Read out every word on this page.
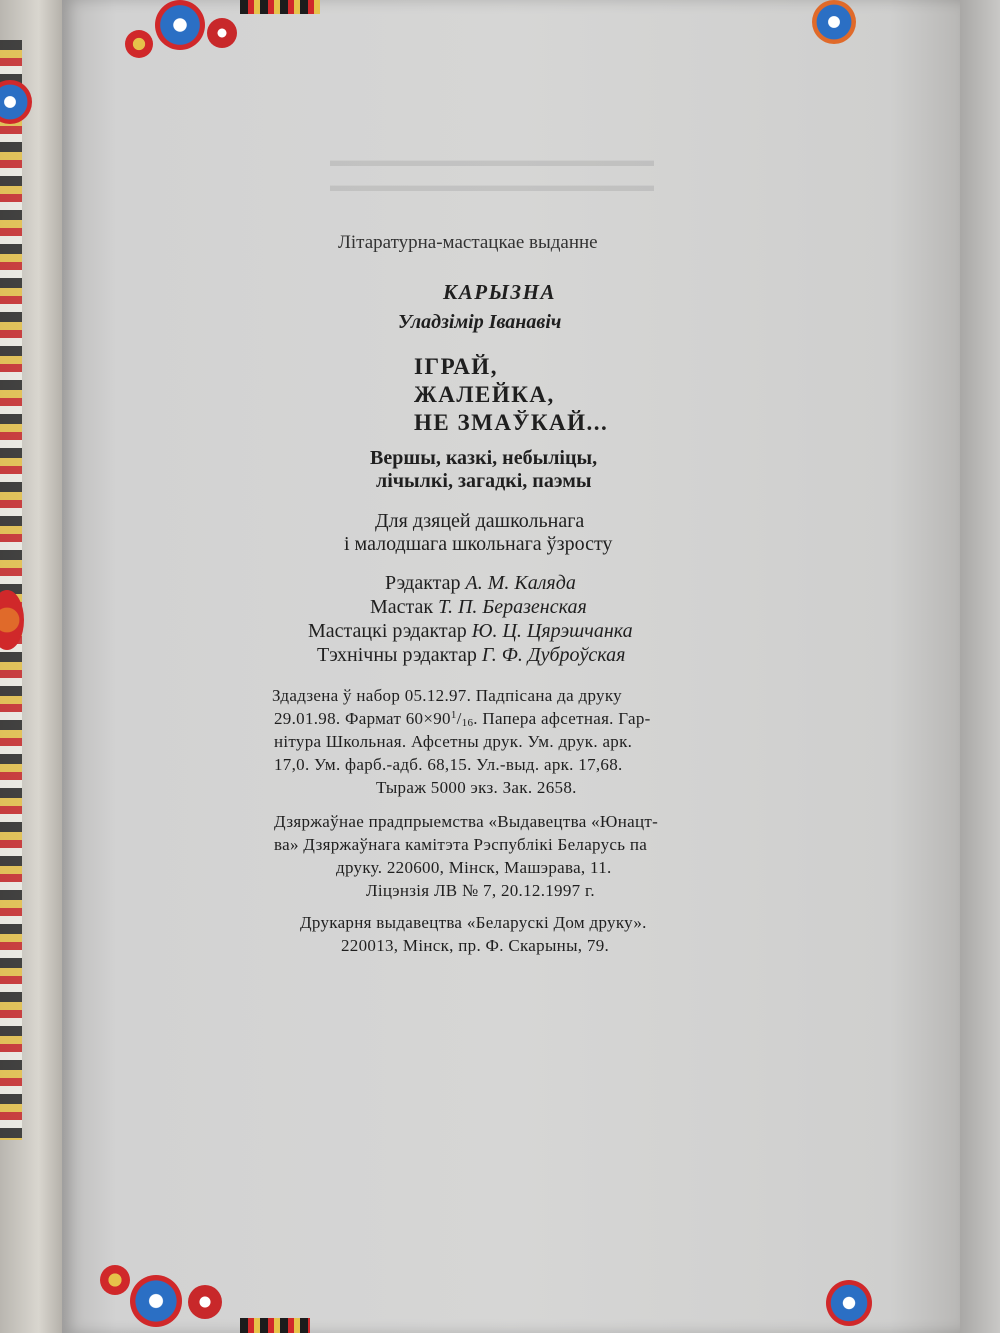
▬▬▬▬▬▬▬▬▬▬▬▬▬▬▬▬▬▬
▬▬▬▬▬▬▬▬▬▬▬▬▬▬▬▬▬▬
Літаратурна-мастацкае выданне
КАРЫЗНА
Уладзімір Іванавіч
ІГРАЙ,
ЖАЛЕЙКА,
НЕ ЗМАЎКАЙ...
Вершы, казкі, небыліцы,
лічылкі, загадкі, паэмы
Для дзяцей дашкольнага
і малодшага школьнага ўзросту
Рэдактар А. М. Каляда
Мастак Т. П. Беразенская
Мастацкі рэдактар Ю. Ц. Цярэшчанка
Тэхнічны рэдактар Г. Ф. Дуброўская
Здадзена ў набор 05.12.97. Падпісана да друку
29.01.98. Фармат $60\times 90^1/16$. Папера афсетная. Гар-
нітура Школьная. Афсетны друк. Ум. друк. арк.
17,0. Ум. фарб.-адб. 68,15. Ул.-выд. арк. 17,68.
Тыраж 5000 экз. Зак. 2658.
Дзяржаўнае прадпрыемства «Выдавецтва «Юнацт-
ва» Дзяржаўнага камітэта Рэспублікі Беларусь па
друку. 220600, Мінск, Машэрава, 11.
Ліцэнзія ЛВ № 7, 20.12.1997 г.
Друкарня выдавецтва «Беларускі Дом друку».
220013, Мінск, пр. Ф. Скарыны, 79.
